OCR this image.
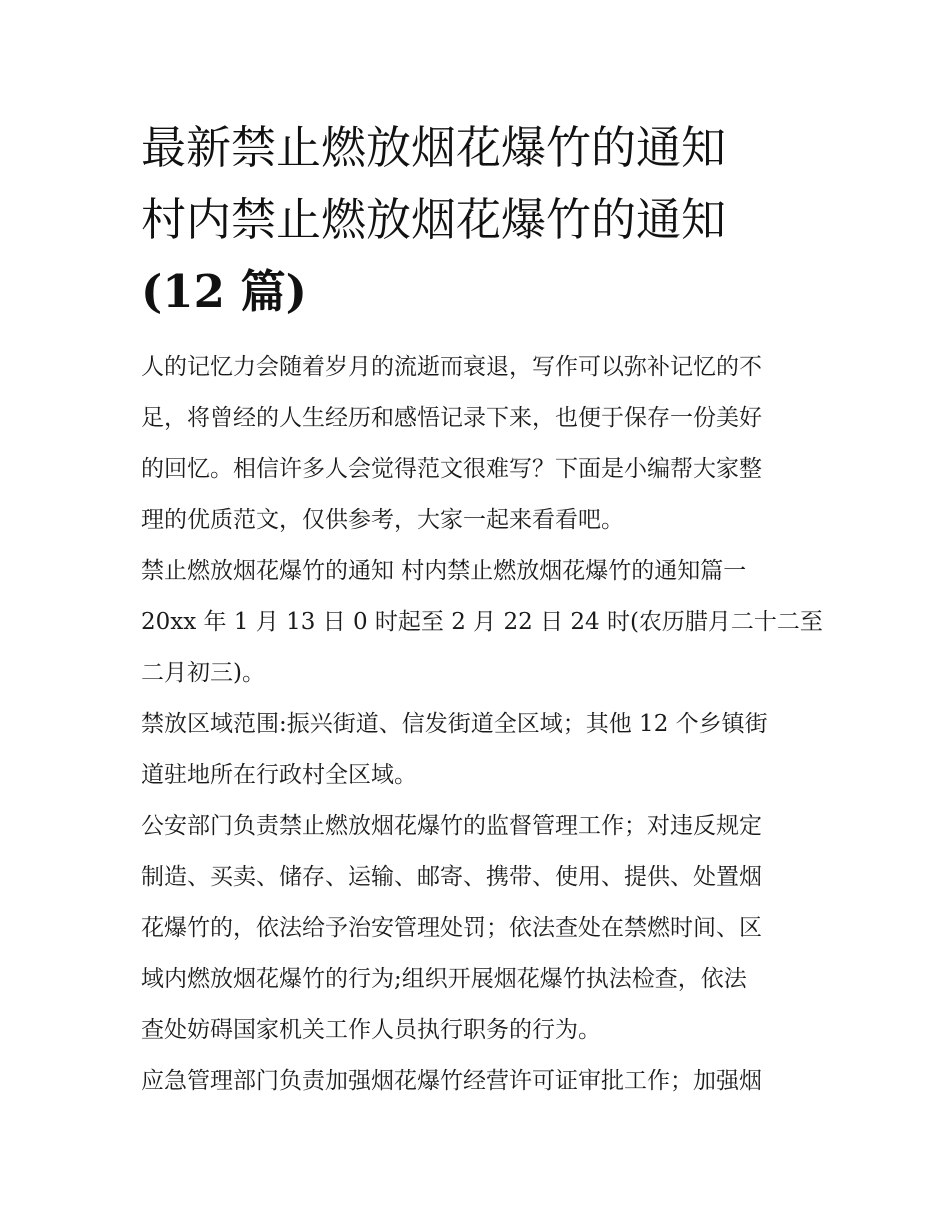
最新禁止燃放烟花爆竹的通知
村内禁止燃放烟花爆竹的通知
(12 篇)

人的记忆力会随着岁月的流逝而衰退，写作可以弥补记忆的不
足，将曾经的人生经历和感悟记录下来，也便于保存一份美好
的回忆。相信许多人会觉得范文很难写？下面是小编帮大家整
理的优质范文，仅供参考，大家一起来看看吧。

禁止燃放烟花爆竹的通知 村内禁止燃放烟花爆竹的通知篇一

20xx 年 1 月 13 日 0 时起至 2 月 22 日 24 时(农历腊月二十二至
二月初三)。

禁放区域范围:振兴街道、信发街道全区域；其他 12 个乡镇街
道驻地所在行政村全区域。

公安部门负责禁止燃放烟花爆竹的监督管理工作；对违反规定
制造、买卖、储存、运输、邮寄、携带、使用、提供、处置烟
花爆竹的，依法给予治安管理处罚；依法查处在禁燃时间、区
域内燃放烟花爆竹的行为;组织开展烟花爆竹执法检查，依法
查处妨碍国家机关工作人员执行职务的行为。

应急管理部门负责加强烟花爆竹经营许可证审批工作；加强烟
